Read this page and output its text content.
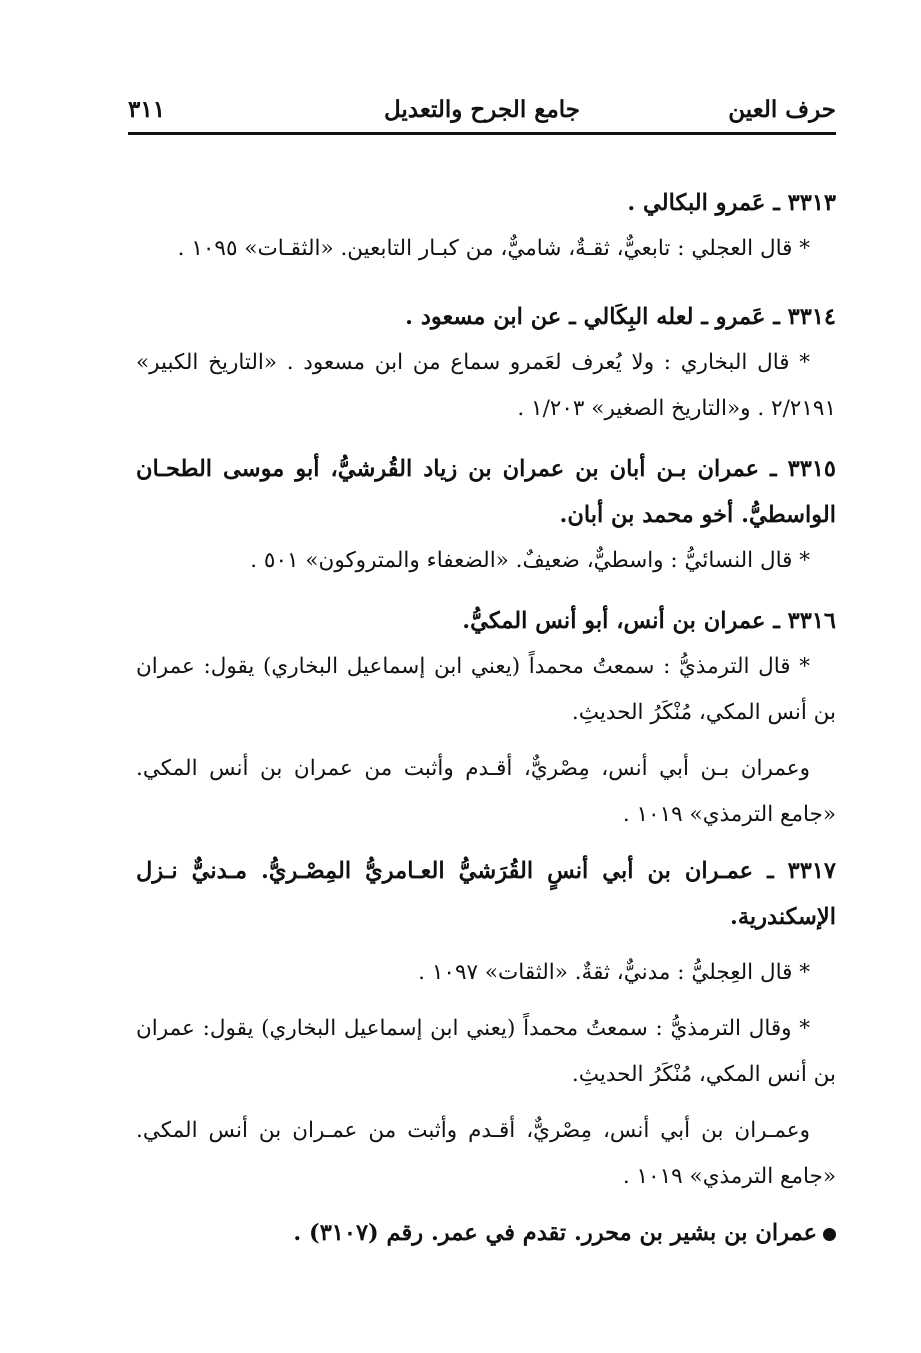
حرف العين
جامع الجرح والتعديل
٣١١

٣٣١٣ ـ عَمرو البكالي .

* قال العجلي : تابعيٌّ، ثقـةٌ، شاميٌّ، من كبـار التابعين. «الثقـات» ١٠٩٥ .

٣٣١٤ ـ عَمرو ـ لعله البِكَالي ـ عن ابن مسعود .

* قال البخاري : ولا يُعرف لعَمرو سماع من ابن مسعود . «التاريخ الكبير» ٢/٢١٩١ . و«التاريخ الصغير» ١/٢٠٣ .

٣٣١٥ ـ عمران بـن أبان بن عمران بن زياد القُرشيُّ، أبو موسى الطحـان الواسطيُّ. أخو محمد بن أبان.

* قال النسائيُّ : واسطيٌّ، ضعيفٌ. «الضعفاء والمتروكون» ٥٠١ .

٣٣١٦ ـ عمران بن أنس، أبو أنس المكيُّ.

* قال الترمذيُّ : سمعتُ محمداً (يعني ابن إسماعيل البخاري) يقول: عمران بن أنس المكي، مُنْكَرُ الحديثِ.

وعمران بـن أبي أنس، مِصْريٌّ، أقـدم وأثبت من عمران بن أنس المكي. «جامع الترمذي» ١٠١٩ .

٣٣١٧ ـ عمـران بن أبي أنسٍ القُرَشيُّ العـامريُّ المِصْـريُّ. مـدنيٌّ نـزل الإسكندرية.

* قال العِجليُّ : مدنيٌّ، ثقةٌ. «الثقات» ١٠٩٧ .

* وقال الترمذيُّ : سمعتُ محمداً (يعني ابن إسماعيل البخاري) يقول: عمران بن أنس المكي، مُنْكَرُ الحديثِ.

وعمـران بن أبي أنس، مِصْريٌّ، أقـدم وأثبت من عمـران بن أنس المكي. «جامع الترمذي» ١٠١٩ .

عمران بن بشير بن محرر. تقدم في عمر. رقم (٣١٠٧) .
